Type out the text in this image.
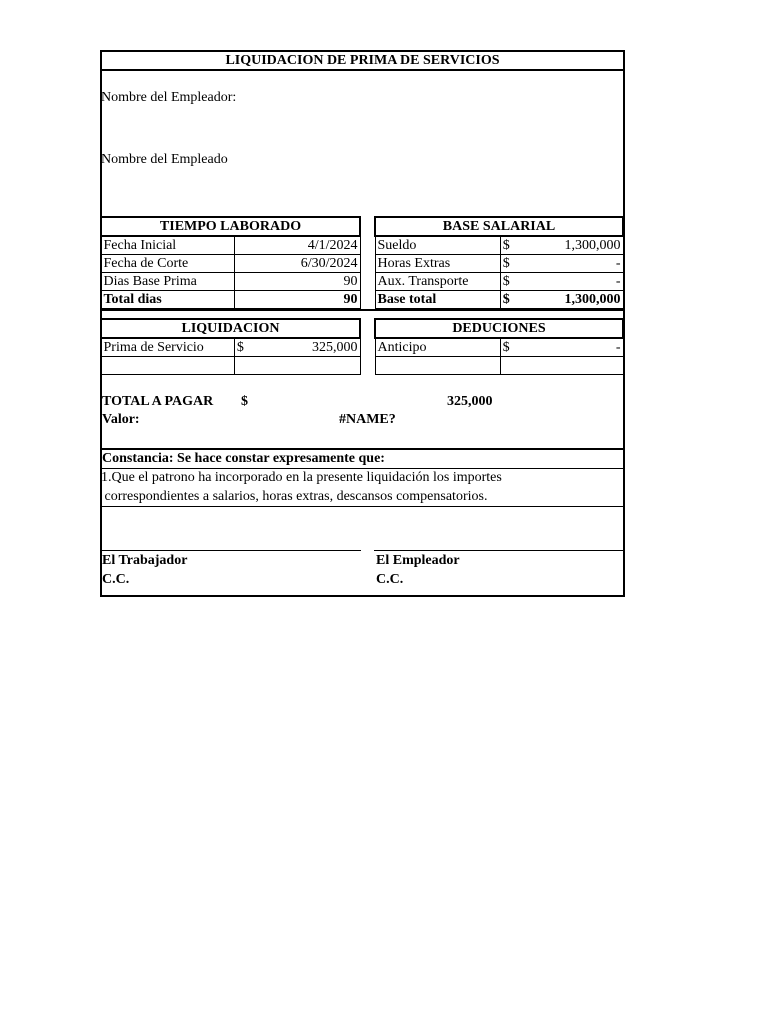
LIQUIDACION DE PRIMA DE SERVICIOS
Nombre del Empleador:
Nombre del Empleado
TIEMPO LABORADO	
Fecha Inicial	4/1/2024
Fecha de Corte	6/30/2024
Dias Base Prima	90
Total dias	90
BASE SALARIAL		
Sueldo	$	1,300,000
Horas Extras	$	-
Aux. Transporte	$	-
Base total	$	1,300,000
LIQUIDACION		
Prima de Servicio	$	325,000

DEDUCIONES		
Anticipo	$	-

TOTAL A PAGAR $	325,000
Valor:	#NAME?
Constancia: Se hace constar expresamente que:
1.Que el patrono ha incorporado en la presente liquidación los importes
correspondientes a salarios, horas extras, descansos compensatorios.
El Trabajador
C.C.
El Empleador
C.C.
